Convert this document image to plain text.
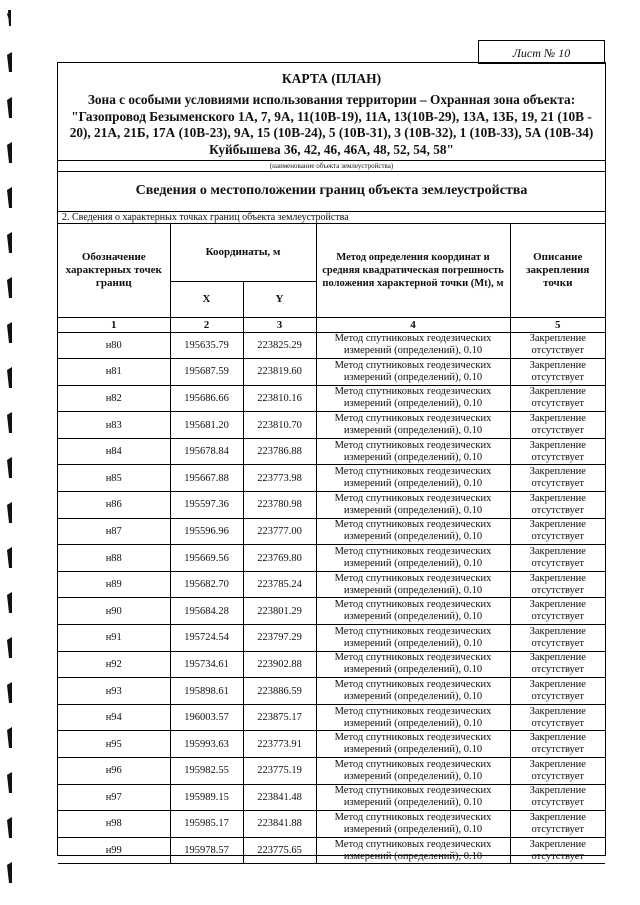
Лист № 10
КАРТА (ПЛАН)
Зона с особыми условиями использования территории – Охранная зона объекта: "Газопровод Безыменского 1А, 7, 9А, 11(10В-19), 11А, 13(10В-29), 13А, 13Б, 19, 21 (10В - 20), 21А, 21Б, 17А (10В-23), 9А, 15 (10В-24), 5 (10В-31), 3 (10В-32), 1 (10В-33), 5А (10В-34) Куйбышева 36, 42, 46, 46А, 48, 52, 54, 58"
(наименование объекта землеустройства)
Сведения о местоположении границ объекта землеустройства
2. Сведения о характерных точках границ объекта землеустройства
Обозначение характерных точек границ	Координаты, м		Метод определения координат и средняя квадратическая погрешность положения характерной точки (Mt), м	Описание закрепления точки
	X	Y		
1	2	3	4	5
н80	195635.79	223825.29	Метод спутниковых геодезических измерений (определений), 0.10	Закрепление отсутствует
н81	195687.59	223819.60	Метод спутниковых геодезических измерений (определений), 0.10	Закрепление отсутствует
н82	195686.66	223810.16	Метод спутниковых геодезических измерений (определений), 0.10	Закрепление отсутствует
н83	195681.20	223810.70	Метод спутниковых геодезических измерений (определений), 0.10	Закрепление отсутствует
н84	195678.84	223786.88	Метод спутниковых геодезических измерений (определений), 0.10	Закрепление отсутствует
н85	195667.88	223773.98	Метод спутниковых геодезических измерений (определений), 0.10	Закрепление отсутствует
н86	195597.36	223780.98	Метод спутниковых геодезических измерений (определений), 0.10	Закрепление отсутствует
н87	195596.96	223777.00	Метод спутниковых геодезических измерений (определений), 0.10	Закрепление отсутствует
н88	195669.56	223769.80	Метод спутниковых геодезических измерений (определений), 0.10	Закрепление отсутствует
н89	195682.70	223785.24	Метод спутниковых геодезических измерений (определений), 0.10	Закрепление отсутствует
н90	195684.28	223801.29	Метод спутниковых геодезических измерений (определений), 0.10	Закрепление отсутствует
н91	195724.54	223797.29	Метод спутниковых геодезических измерений (определений), 0.10	Закрепление отсутствует
н92	195734.61	223902.88	Метод спутниковых геодезических измерений (определений), 0.10	Закрепление отсутствует
н93	195898.61	223886.59	Метод спутниковых геодезических измерений (определений), 0.10	Закрепление отсутствует
н94	196003.57	223875.17	Метод спутниковых геодезических измерений (определений), 0.10	Закрепление отсутствует
н95	195993.63	223773.91	Метод спутниковых геодезических измерений (определений), 0.10	Закрепление отсутствует
н96	195982.55	223775.19	Метод спутниковых геодезических измерений (определений), 0.10	Закрепление отсутствует
н97	195989.15	223841.48	Метод спутниковых геодезических измерений (определений), 0.10	Закрепление отсутствует
н98	195985.17	223841.88	Метод спутниковых геодезических измерений (определений), 0.10	Закрепление отсутствует
н99	195978.57	223775.65	Метод спутниковых геодезических измерений (определений), 0.10	Закрепление отсутствует
